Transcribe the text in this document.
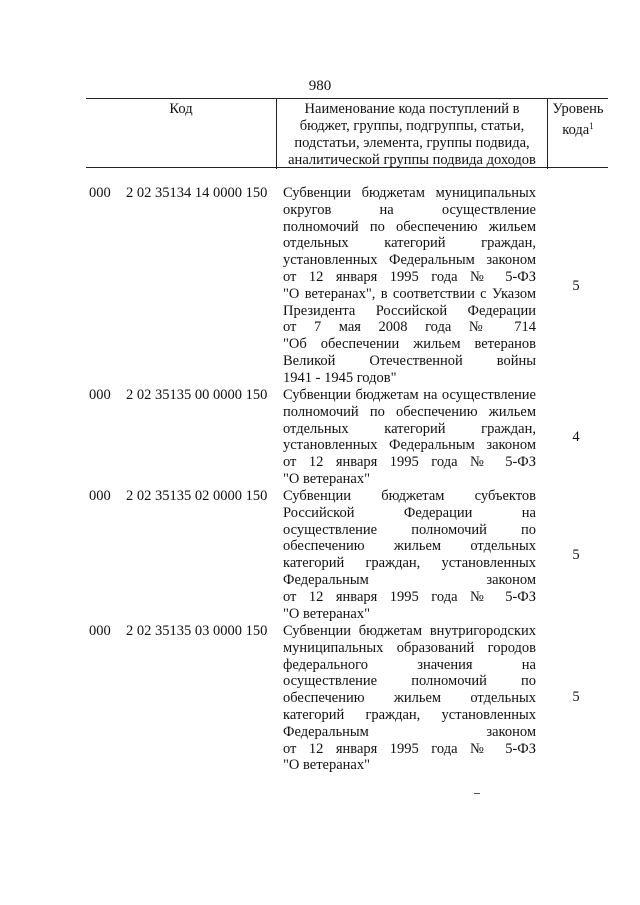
980
Код	Наименование кода поступлений в
бюджет, группы, подгруппы, статьи,
подстатьи, элемента, группы подвида,
аналитической группы подвида доходов
Уровень
кода$^1$
000 2 02 35134 14 0000 150 Субвенции бюджетам муниципальных
округов на осуществление
полномочий по обеспечению жильем
отдельных категорий граждан,
установленных Федеральным законом
от 12 января 1995 года № 5-ФЗ
"О ветеранах", в соответствии с Указом
Президента Российской Федерации
от 7 мая 2008 года № 714
"Об обеспечении жильем ветеранов
Великой Отечественной войны
1941 - 1945 годов"
5
000 2 02 35135 00 0000 150 Субвенции бюджетам на осуществление
полномочий по обеспечению жильем
отдельных категорий граждан,
установленных Федеральным законом
от 12 января 1995 года № 5-ФЗ
"О ветеранах"
4
000 2 02 35135 02 0000 150 Субвенции бюджетам субъектов
Российской Федерации на
осуществление полномочий по
обеспечению жильем отдельных
категорий граждан, установленных
Федеральным законом
от 12 января 1995 года № 5-ФЗ
"О ветеранах"
5
000 2 02 35135 03 0000 150 Субвенции бюджетам внутригородских
муниципальных образований городов
федерального значения на
осуществление полномочий по
обеспечению жильем отдельных
категорий граждан, установленных
Федеральным законом
от 12 января 1995 года № 5-ФЗ
"О ветеранах"
5
